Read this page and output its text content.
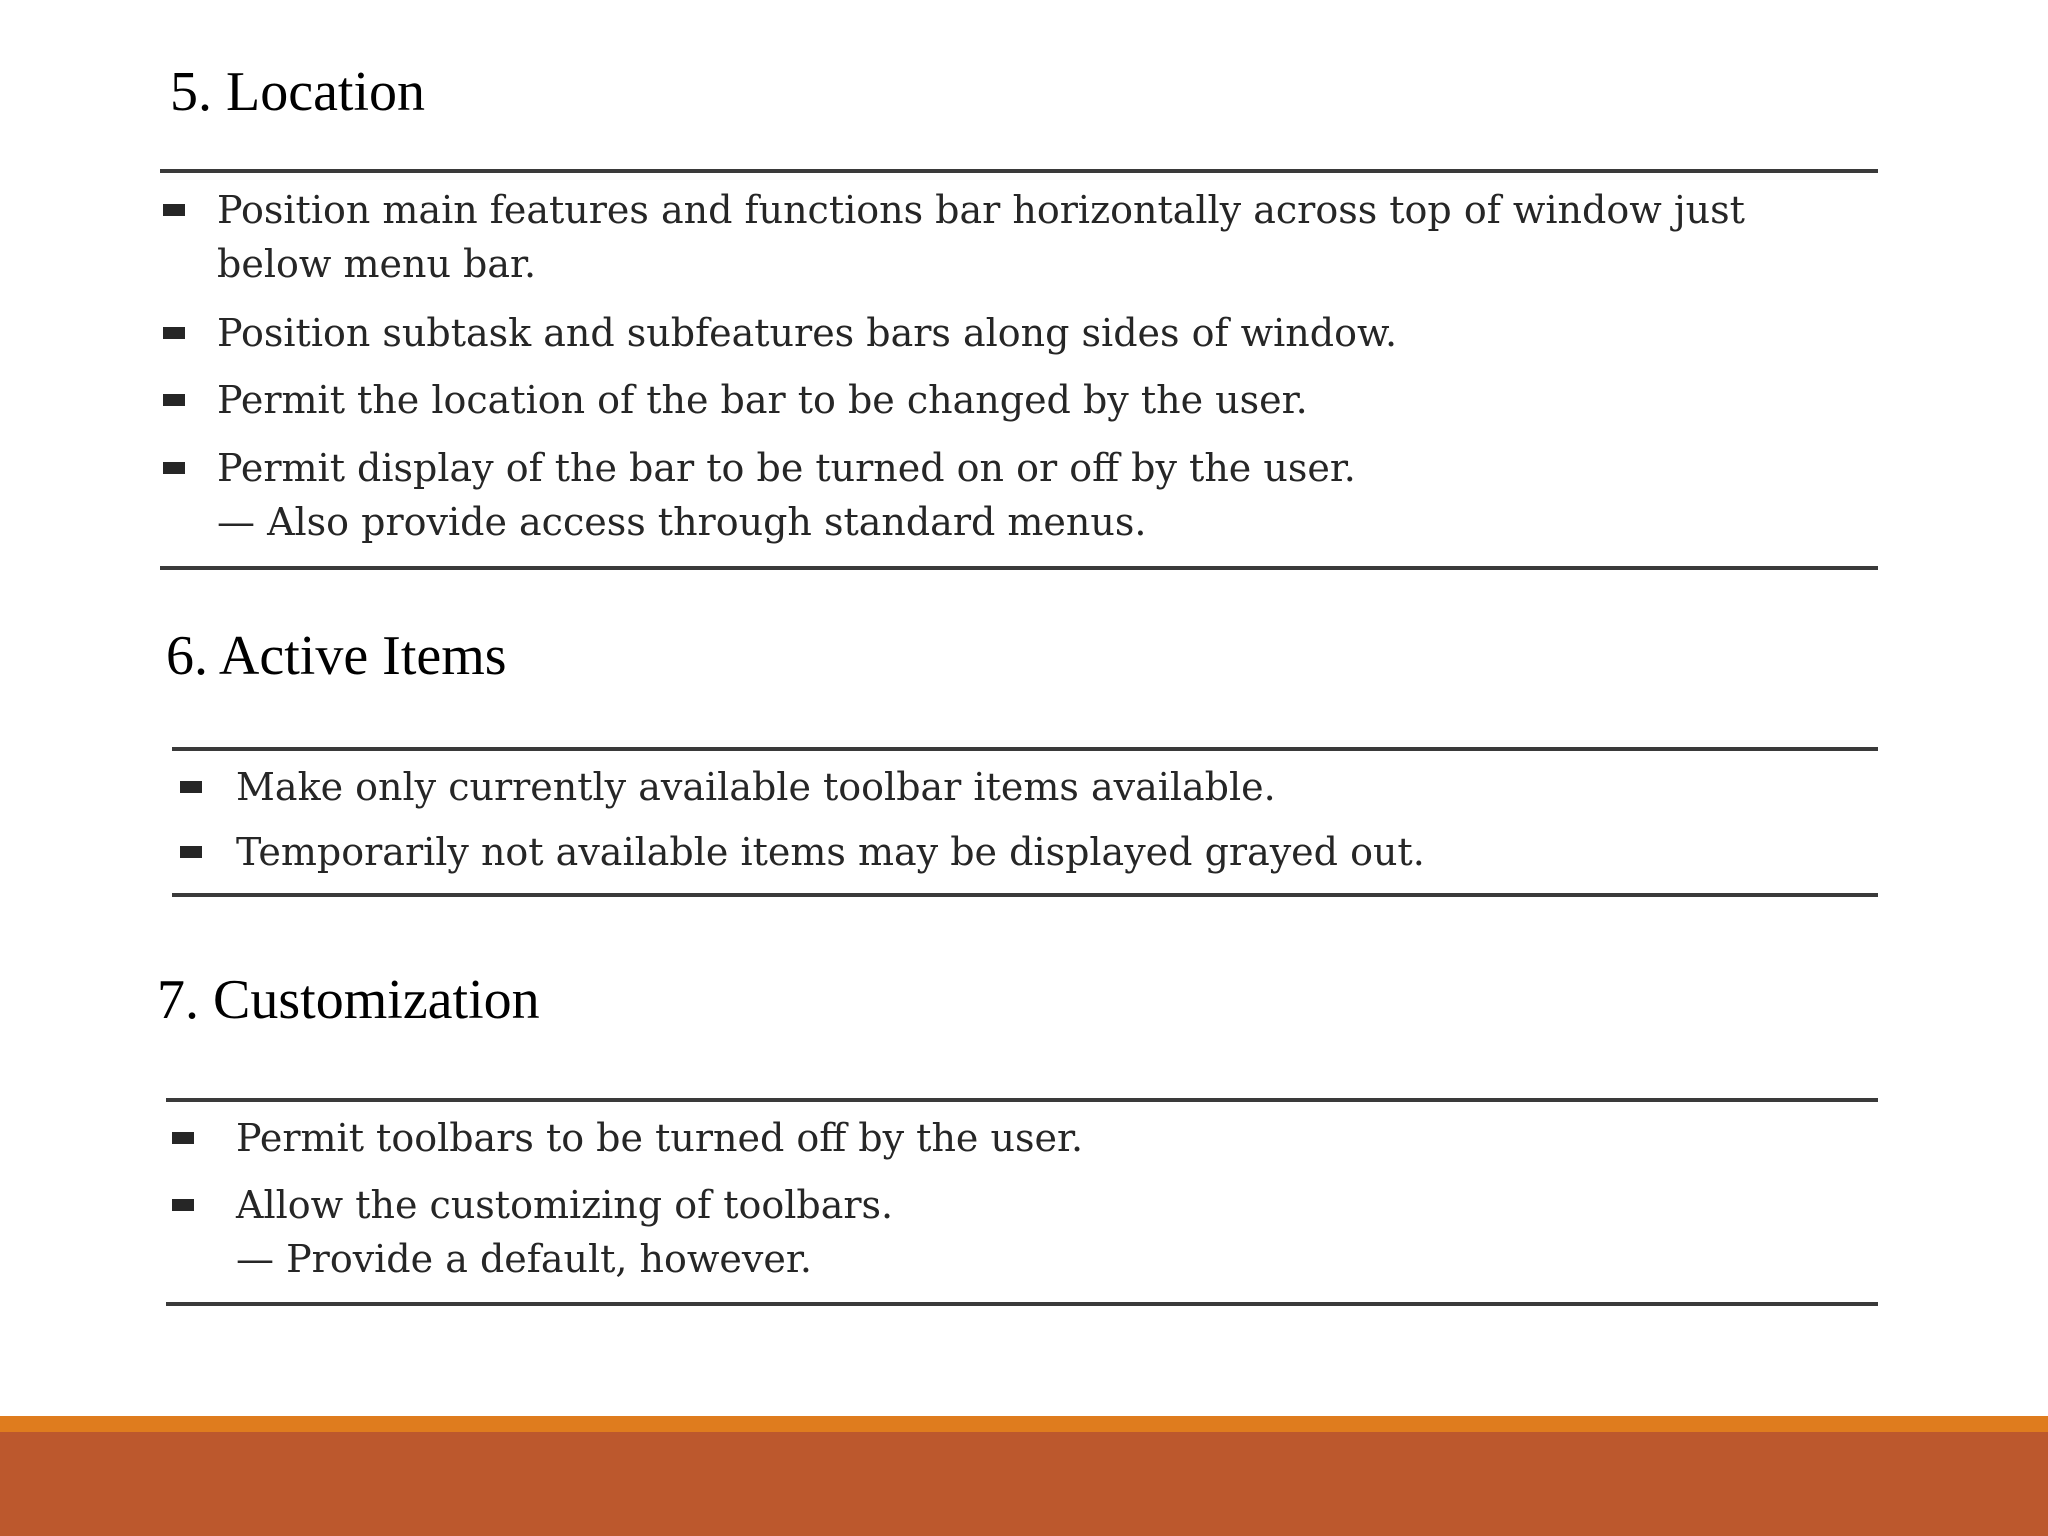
5. Location
Position main features and functions bar horizontally across top of window just
below menu bar.
Position subtask and subfeatures bars along sides of window.
Permit the location of the bar to be changed by the user.
Permit display of the bar to be turned on or off by the user.
— Also provide access through standard menus.
6. Active Items
Make only currently available toolbar items available.
Temporarily not available items may be displayed grayed out.
7. Customization
Permit toolbars to be turned off by the user.
Allow the customizing of toolbars.
— Provide a default, however.
